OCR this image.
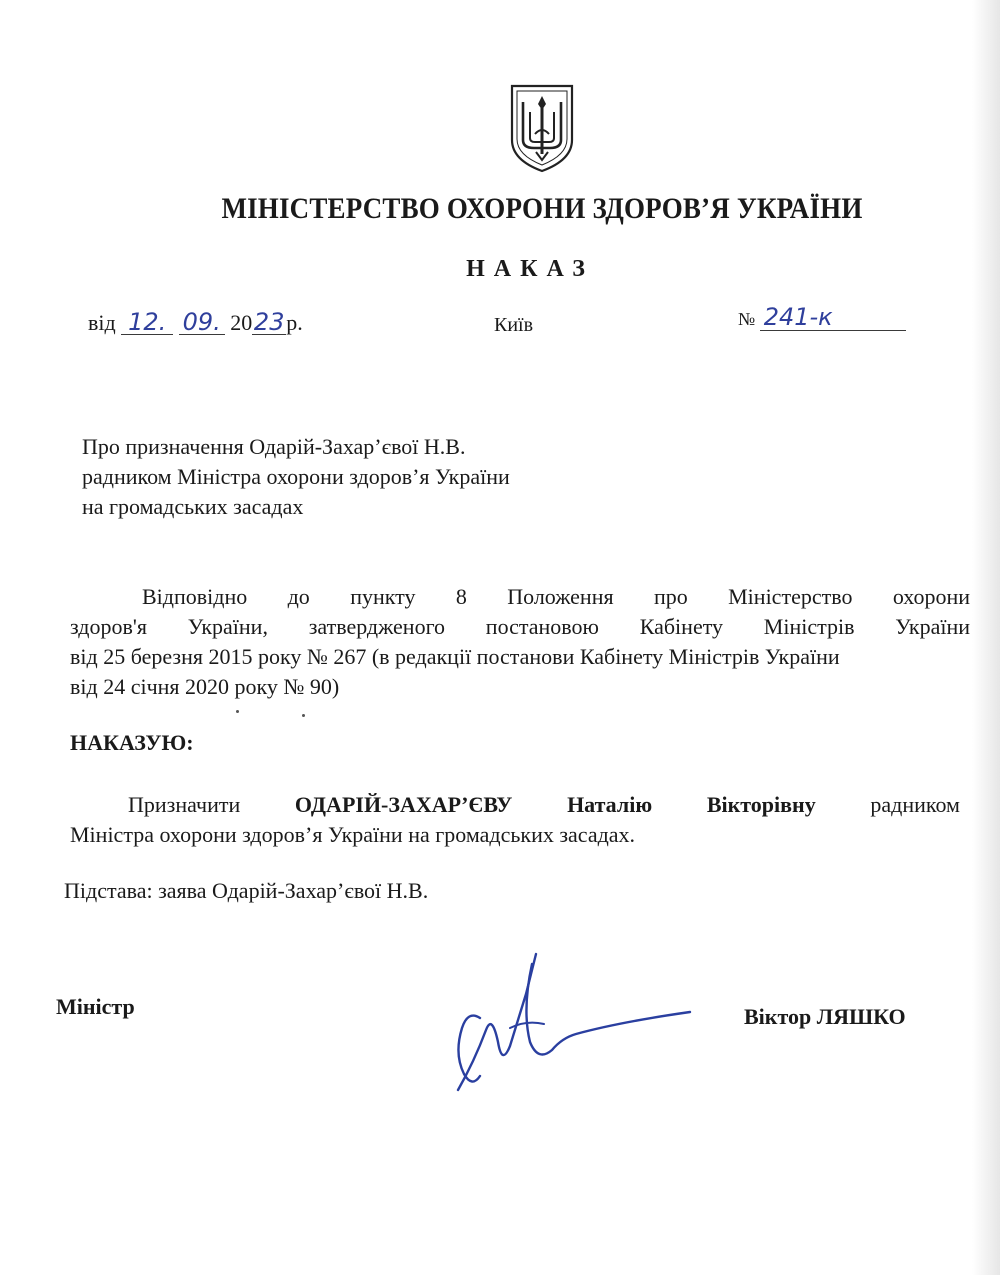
МІНІСТЕРСТВО ОХОРОНИ ЗДОРОВ’Я УКРАЇНИ
НАКАЗ
від 12. 09. 2023р.	Київ	№ 241-к
Про призначення Одарій-Захар’євої Н.В.
радником Міністра охорони здоров’я України
на громадських засадах
Відповідно до пункту 8 Положення про Міністерство охорони
здоров'я України, затвердженого постановою Кабінету Міністрів України
від 25 березня 2015 року № 267 (в редакції постанови Кабінету Міністрів України
від 24 січня 2020 року № 90)
НАКАЗУЮ:
Призначити ОДАРІЙ-ЗАХАР’ЄВУ Наталію Вікторівну радником
Міністра охорони здоров’я України на громадських засадах.
Підстава: заява Одарій-Захар’євої Н.В.
Міністр	Віктор ЛЯШКО
